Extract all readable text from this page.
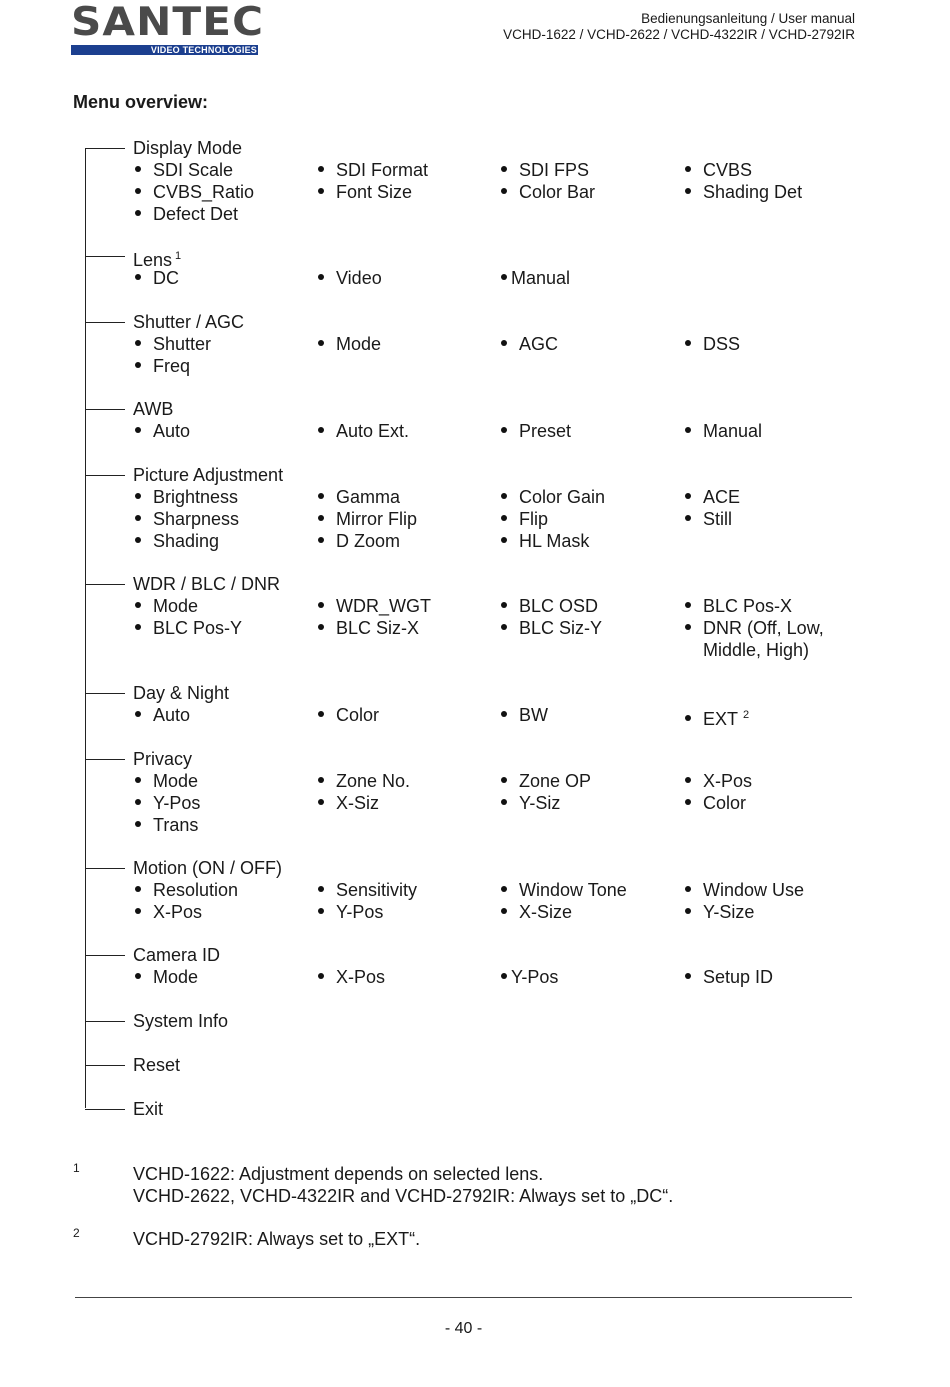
SANTEC
VIDEO TECHNOLOGIES
Bedienungsanleitung / User manual
VCHD-1622 / VCHD-2622 / VCHD-4322IR / VCHD-2792IR
Menu overview:
Display Mode
SDI Scale	SDI Format	SDI FPS	CVBS
CVBS_Ratio	Font Size	Color Bar	Shading Det
Defect Det
Lens $^1$
DC	Video	Manual
Shutter / AGC
Shutter	Mode	AGC	DSS
Freq
AWB
Auto	Auto Ext.	Preset	Manual
Picture Adjustment
Brightness	Gamma	Color Gain	ACE
Sharpness	Mirror Flip	Flip	Still
Shading	D Zoom	HL Mask
WDR / BLC / DNR
Mode	WDR_WGT	BLC OSD	BLC Pos-X
BLC Pos-Y	BLC Siz-X	BLC Siz-Y	DNR (Off, Low,
Middle, High)
Day & Night
Auto	Color	BW	EXT $^2$
Privacy
Mode	Zone No.	Zone OP	X-Pos
Y-Pos	X-Siz	Y-Siz	Color
Trans
Motion (ON / OFF)
Resolution	Sensitivity	Window Tone	Window Use
X-Pos	Y-Pos	X-Size	Y-Size
Camera ID
Mode	X-Pos	Y-Pos	Setup ID
System Info
Reset
Exit
1	VCHD-1622: Adjustment depends on selected lens.
VCHD-2622, VCHD-4322IR and VCHD-2792IR: Always set to „DC“.
2	VCHD-2792IR: Always set to „EXT“.
- 40 -
